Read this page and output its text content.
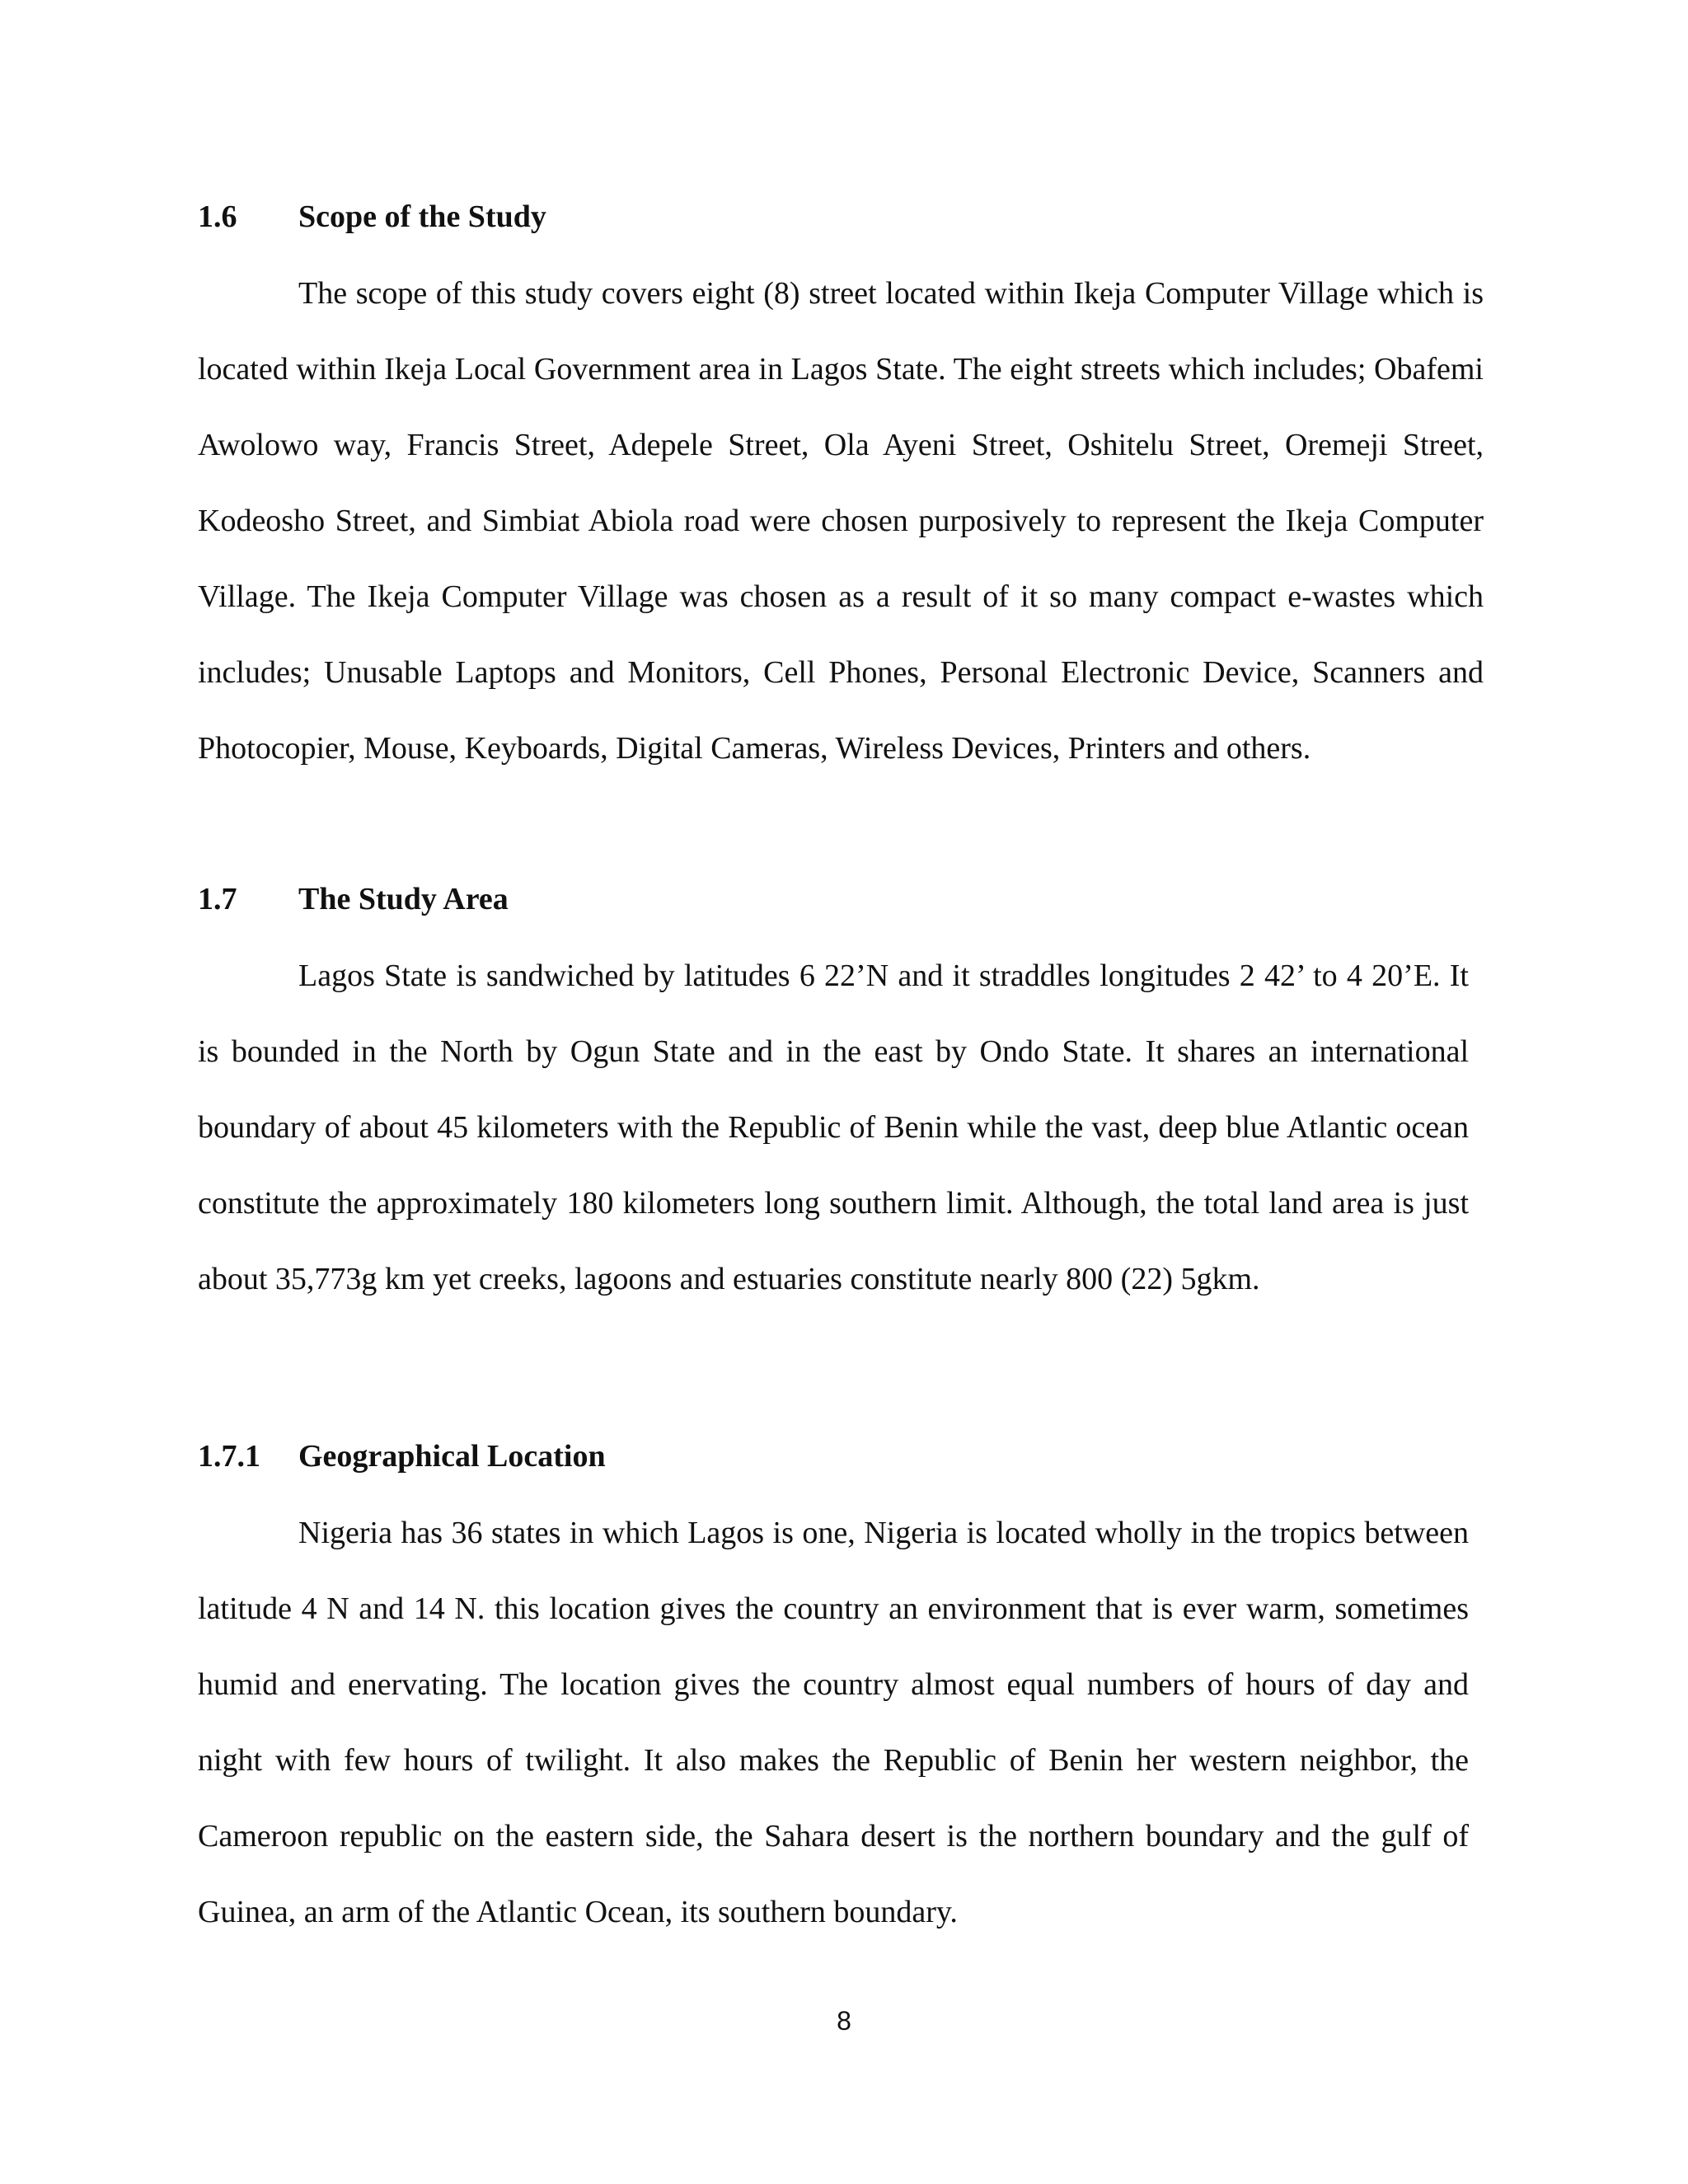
1.6 Scope of the Study

The scope of this study covers eight (8) street located within Ikeja Computer Village which is located within Ikeja Local Government area in Lagos State. The eight streets which includes; Obafemi Awolowo way, Francis Street, Adepele Street, Ola Ayeni Street, Oshitelu Street, Oremeji Street, Kodeosho Street, and Simbiat Abiola road were chosen purposively to represent the Ikeja Computer Village. The Ikeja Computer Village was chosen as a result of it so many compact e-wastes which includes; Unusable Laptops and Monitors, Cell Phones, Personal Electronic Device, Scanners and Photocopier, Mouse, Keyboards, Digital Cameras, Wireless Devices, Printers and others.

1.7 The Study Area

Lagos State is sandwiched by latitudes 6 22’N and it straddles longitudes 2 42’ to 4 20’E. It is bounded in the North by Ogun State and in the east by Ondo State. It shares an international boundary of about 45 kilometers with the Republic of Benin while the vast, deep blue Atlantic ocean constitute the approximately 180 kilometers long southern limit. Although, the total land area is just about 35,773g km yet creeks, lagoons and estuaries constitute nearly 800 (22) 5gkm.

1.7.1 Geographical Location

Nigeria has 36 states in which Lagos is one, Nigeria is located wholly in the tropics between latitude 4 N and 14 N. this location gives the country an environment that is ever warm, sometimes humid and enervating. The location gives the country almost equal numbers of hours of day and night with few hours of twilight. It also makes the Republic of Benin her western neighbor, the Cameroon republic on the eastern side, the Sahara desert is the northern boundary and the gulf of Guinea, an arm of the Atlantic Ocean, its southern boundary.

8
